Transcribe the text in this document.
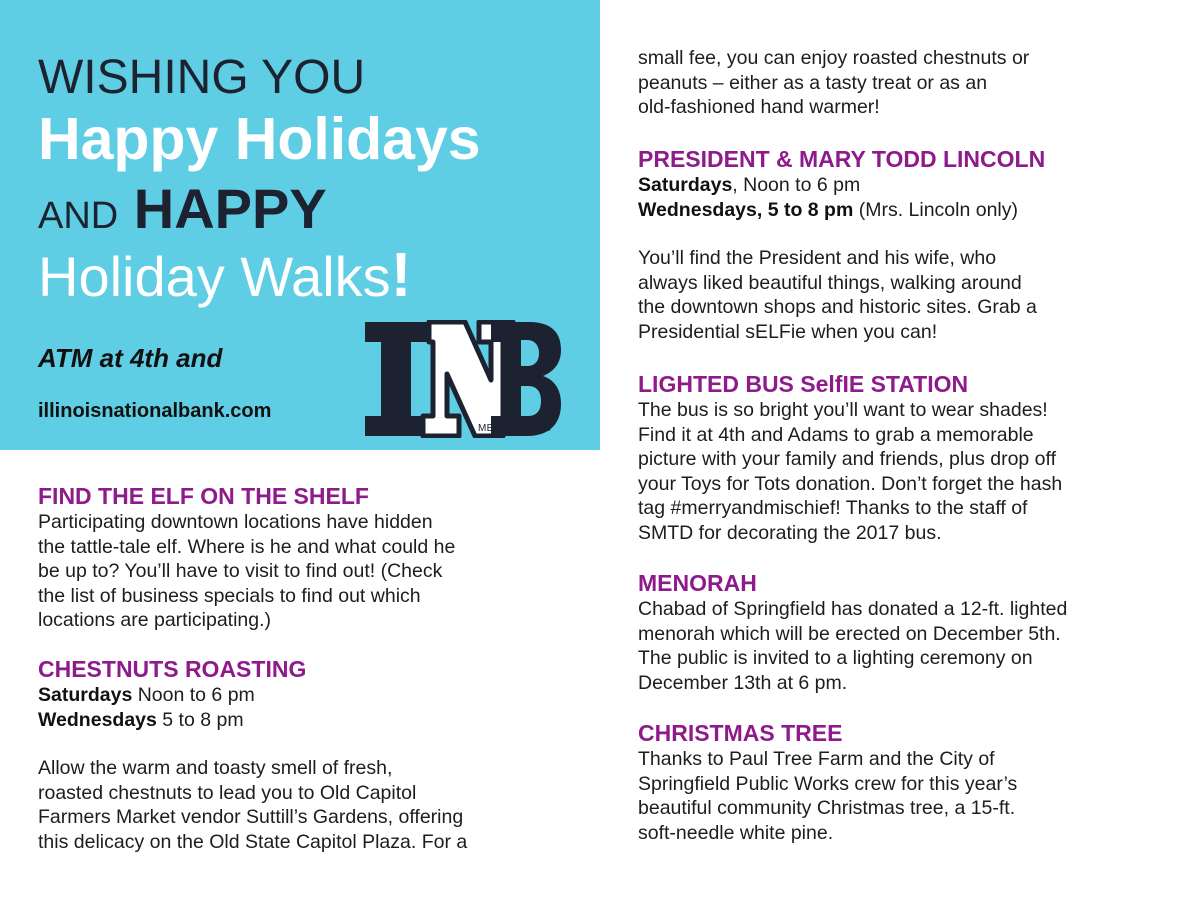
WISHING YOU
Happy Holidays
AND HAPPY
Holiday Walks!
ATM at 4th and
illinoisnationalbank.com
MEMBER FDIC
FIND THE ELF ON THE SHELF
Participating downtown locations have hidden
the tattle-tale elf. Where is he and what could he
be up to? You’ll have to visit to find out! (Check
the list of business specials to find out which
locations are participating.)
CHESTNUTS ROASTING
Saturdays Noon to 6 pm
Wednesdays 5 to 8 pm
Allow the warm and toasty smell of fresh,
roasted chestnuts to lead you to Old Capitol
Farmers Market vendor Suttill’s Gardens, offering
this delicacy on the Old State Capitol Plaza. For a
small fee, you can enjoy roasted chestnuts or
peanuts – either as a tasty treat or as an
old-fashioned hand warmer!
PRESIDENT & MARY TODD LINCOLN
Saturdays, Noon to 6 pm
Wednesdays, 5 to 8 pm (Mrs. Lincoln only)
You’ll find the President and his wife, who
always liked beautiful things, walking around
the downtown shops and historic sites. Grab a
Presidential sELFie when you can!
LIGHTED BUS SelfIE STATION
The bus is so bright you’ll want to wear shades!
Find it at 4th and Adams to grab a memorable
picture with your family and friends, plus drop off
your Toys for Tots donation. Don’t forget the hash
tag #merryandmischief! Thanks to the staff of
SMTD for decorating the 2017 bus.
MENORAH
Chabad of Springfield has donated a 12-ft. lighted
menorah which will be erected on December 5th.
The public is invited to a lighting ceremony on
December 13th at 6 pm.
CHRISTMAS TREE
Thanks to Paul Tree Farm and the City of
Springfield Public Works crew for this year’s
beautiful community Christmas tree, a 15-ft.
soft-needle white pine.
